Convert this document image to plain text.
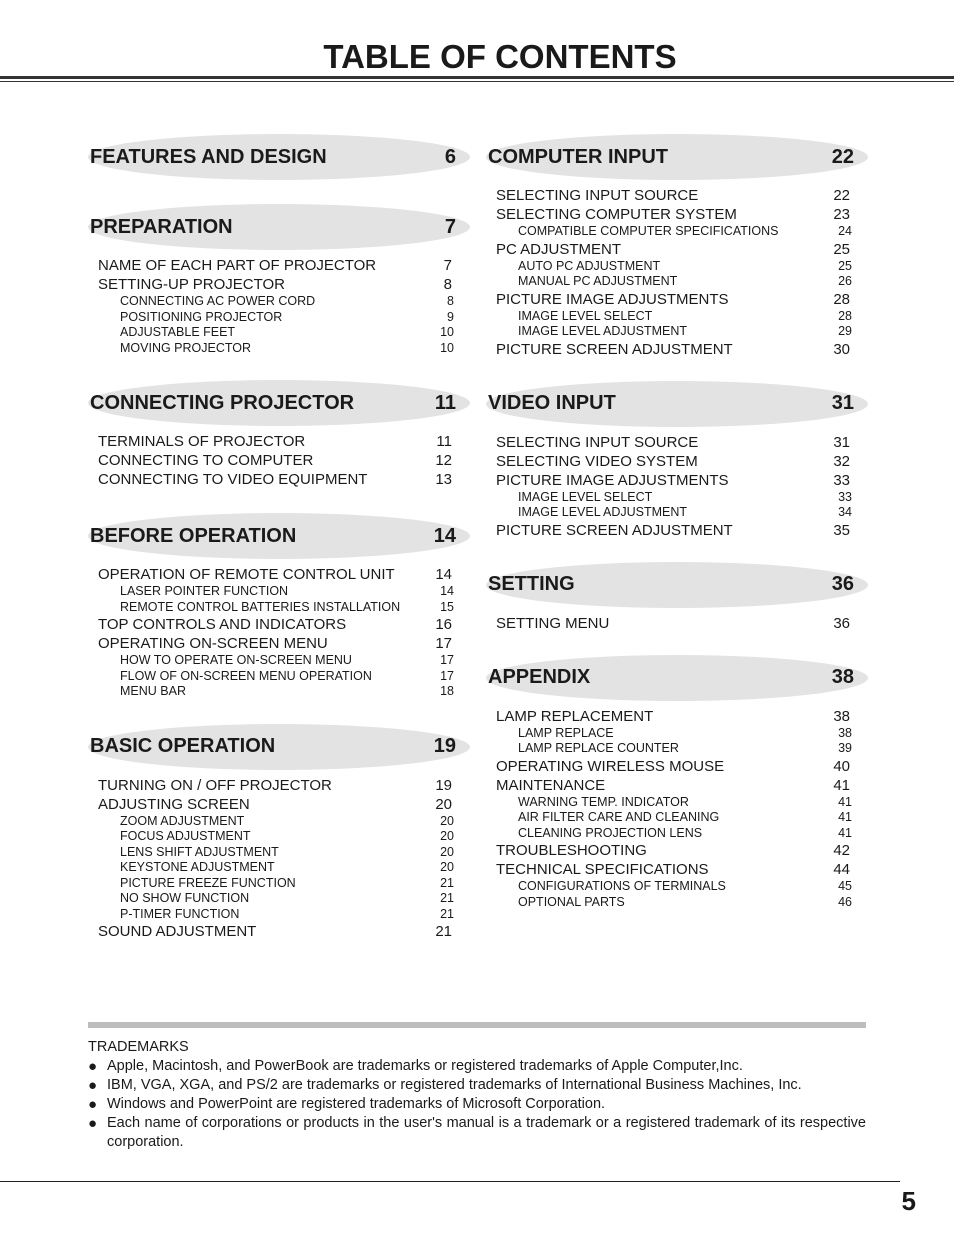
TABLE OF CONTENTS
FEATURES AND DESIGN	6
PREPARATION	7
NAME OF EACH PART OF PROJECTOR	7
SETTING-UP PROJECTOR	8
CONNECTING AC POWER CORD	8
POSITIONING PROJECTOR	9
ADJUSTABLE FEET	10
MOVING PROJECTOR	10
CONNECTING PROJECTOR	11
TERMINALS OF PROJECTOR	11
CONNECTING TO COMPUTER	12
CONNECTING TO VIDEO EQUIPMENT	13
BEFORE OPERATION	14
OPERATION OF REMOTE CONTROL UNIT	14
LASER POINTER FUNCTION	14
REMOTE CONTROL BATTERIES INSTALLATION	15
TOP CONTROLS AND INDICATORS	16
OPERATING ON-SCREEN MENU	17
HOW TO OPERATE ON-SCREEN MENU	17
FLOW OF ON-SCREEN MENU OPERATION	17
MENU BAR	18
BASIC OPERATION	19
TURNING ON / OFF PROJECTOR	19
ADJUSTING SCREEN	20
ZOOM ADJUSTMENT	20
FOCUS ADJUSTMENT	20
LENS SHIFT ADJUSTMENT	20
KEYSTONE ADJUSTMENT	20
PICTURE FREEZE FUNCTION	21
NO SHOW FUNCTION	21
P-TIMER FUNCTION	21
SOUND ADJUSTMENT	21
COMPUTER INPUT	22
SELECTING INPUT SOURCE	22
SELECTING COMPUTER SYSTEM	23
COMPATIBLE COMPUTER SPECIFICATIONS	24
PC ADJUSTMENT	25
AUTO PC ADJUSTMENT	25
MANUAL PC ADJUSTMENT	26
PICTURE IMAGE ADJUSTMENTS	28
IMAGE LEVEL SELECT	28
IMAGE LEVEL ADJUSTMENT	29
PICTURE SCREEN ADJUSTMENT	30
VIDEO INPUT	31
SELECTING INPUT SOURCE	31
SELECTING VIDEO SYSTEM	32
PICTURE IMAGE ADJUSTMENTS	33
IMAGE LEVEL SELECT	33
IMAGE LEVEL ADJUSTMENT	34
PICTURE SCREEN ADJUSTMENT	35
SETTING	36
SETTING MENU	36
APPENDIX	38
LAMP REPLACEMENT	38
LAMP REPLACE	38
LAMP REPLACE COUNTER	39
OPERATING WIRELESS MOUSE	40
MAINTENANCE	41
WARNING TEMP. INDICATOR	41
AIR FILTER CARE AND CLEANING	41
CLEANING PROJECTION LENS	41
TROUBLESHOOTING	42
TECHNICAL SPECIFICATIONS	44
CONFIGURATIONS OF TERMINALS	45
OPTIONAL PARTS	46
TRADEMARKS
● Apple, Macintosh, and PowerBook are trademarks or registered trademarks of Apple Computer,Inc.
● IBM, VGA, XGA, and PS/2 are trademarks or registered trademarks of International Business Machines, Inc.
● Windows and PowerPoint are registered trademarks of Microsoft Corporation.
● Each name of corporations or products in the user's manual is a trademark or a registered trademark of its respective corporation.
5
